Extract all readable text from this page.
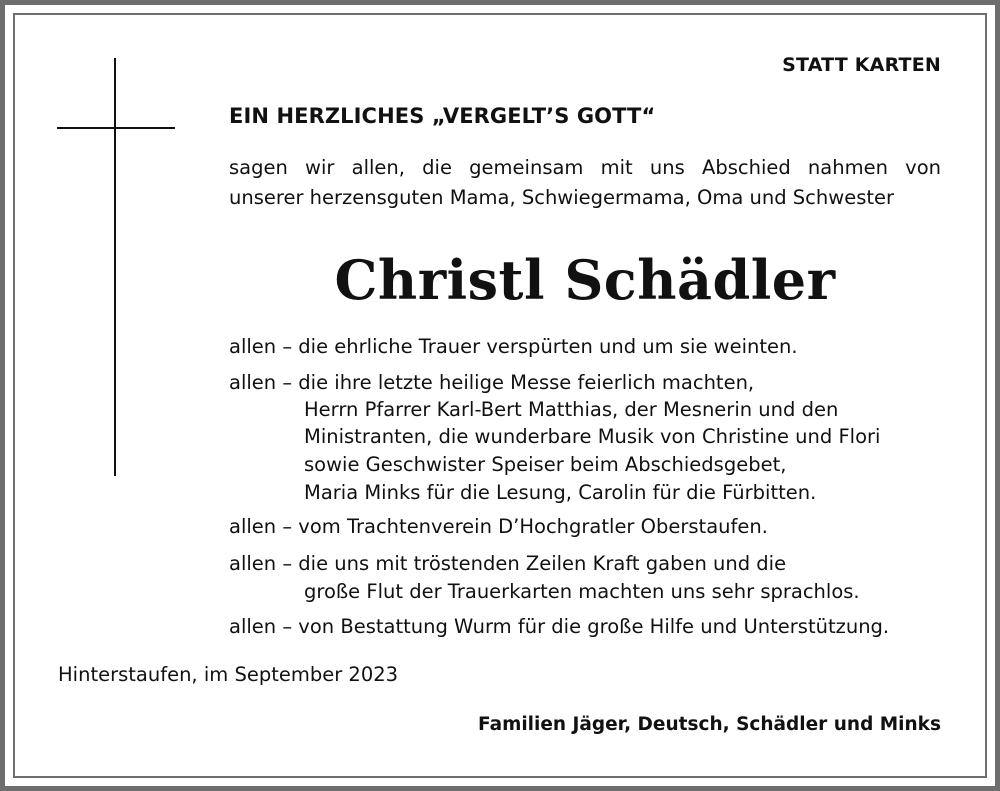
STATT KARTEN
EIN HERZLICHES „VERGELT’S GOTT“
sagen wir allen, die gemeinsam mit uns Abschied nahmen von
unserer herzensguten Mama, Schwiegermama, Oma und Schwester
Christl Schädler
allen – die ehrliche Trauer verspürten und um sie weinten.
allen – die ihre letzte heilige Messe feierlich machten,
Herrn Pfarrer Karl-Bert Matthias, der Mesnerin und den
Ministranten, die wunderbare Musik von Christine und Flori
sowie Geschwister Speiser beim Abschiedsgebet,
Maria Minks für die Lesung, Carolin für die Fürbitten.
allen – vom Trachtenverein D’Hochgratler Oberstaufen.
allen – die uns mit tröstenden Zeilen Kraft gaben und die
große Flut der Trauerkarten machten uns sehr sprachlos.
allen – von Bestattung Wurm für die große Hilfe und Unterstützung.
Hinterstaufen, im September 2023
Familien Jäger, Deutsch, Schädler und Minks
